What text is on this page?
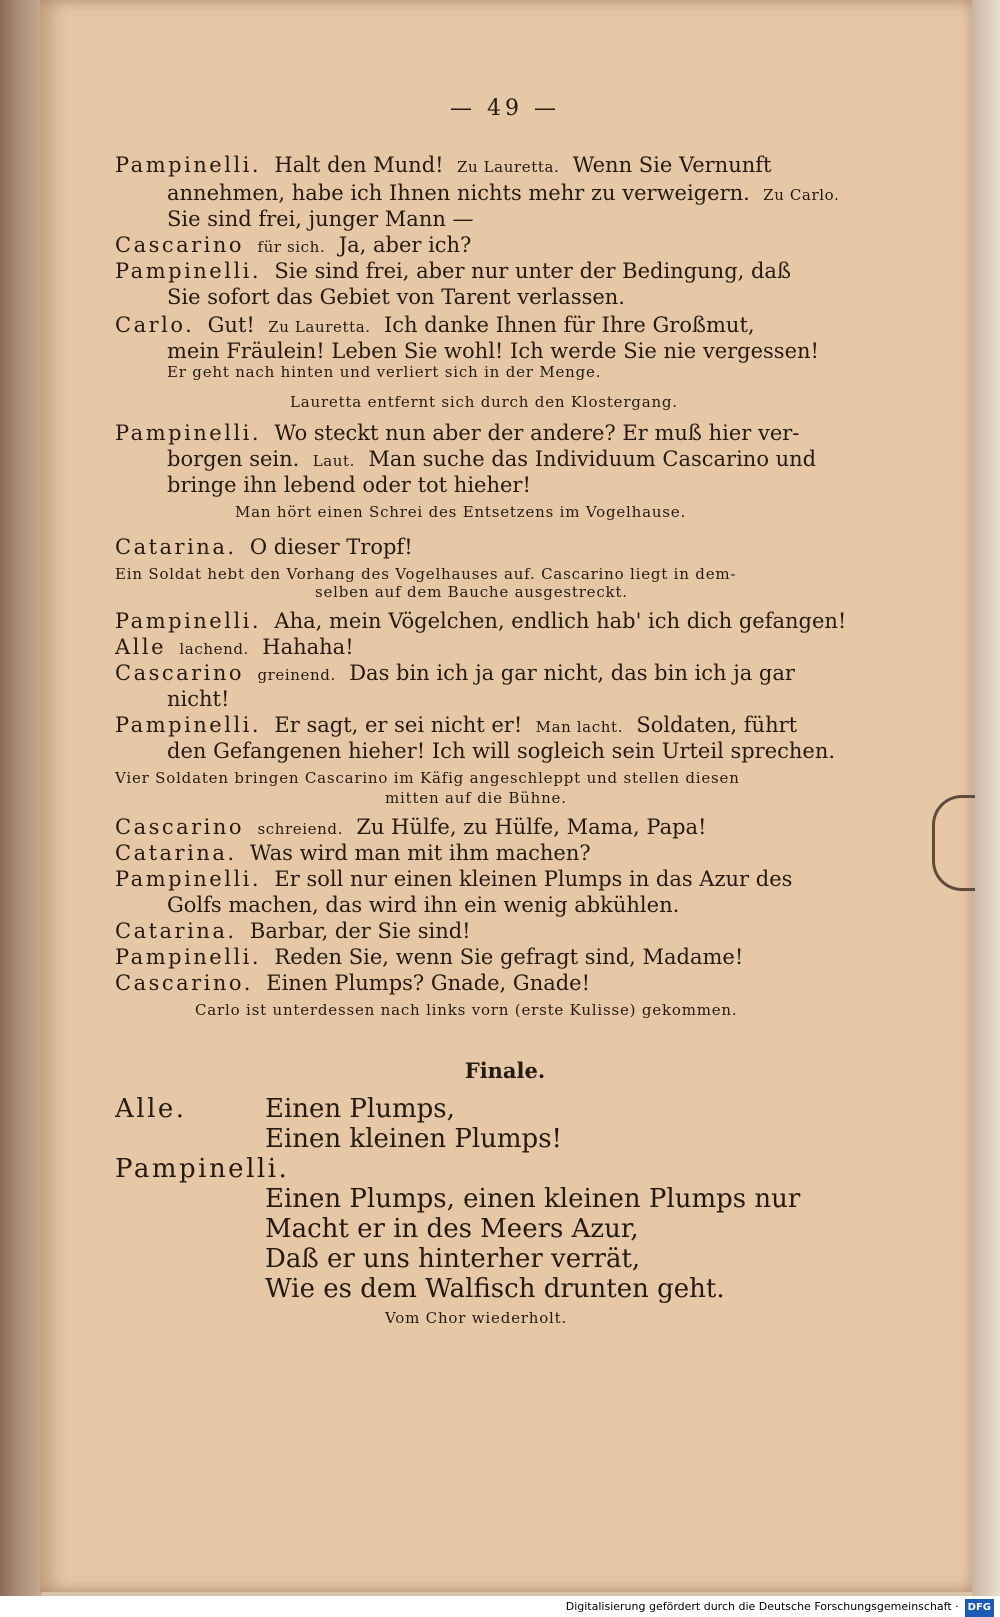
— 49 —
Pampinelli. Halt den Mund! Zu Lauretta. Wenn Sie Vernunft
annehmen, habe ich Ihnen nichts mehr zu verweigern. Zu Carlo.
Sie sind frei, junger Mann —
Cascarino für sich. Ja, aber ich?
Pampinelli. Sie sind frei, aber nur unter der Bedingung, daß
Sie sofort das Gebiet von Tarent verlassen.
Carlo. Gut! Zu Lauretta. Ich danke Ihnen für Ihre Großmut,
mein Fräulein! Leben Sie wohl! Ich werde Sie nie vergessen!
Er geht nach hinten und verliert sich in der Menge.
Lauretta entfernt sich durch den Klostergang.
Pampinelli. Wo steckt nun aber der andere? Er muß hier ver-
borgen sein. Laut. Man suche das Individuum Cascarino und
bringe ihn lebend oder tot hieher!
Man hört einen Schrei des Entsetzens im Vogelhause.
Catarina. O dieser Tropf!
Ein Soldat hebt den Vorhang des Vogelhauses auf. Cascarino liegt in dem-
selben auf dem Bauche ausgestreckt.
Pampinelli. Aha, mein Vögelchen, endlich hab' ich dich gefangen!
Alle lachend. Hahaha!
Cascarino greinend. Das bin ich ja gar nicht, das bin ich ja gar
nicht!
Pampinelli. Er sagt, er sei nicht er! Man lacht. Soldaten, führt
den Gefangenen hieher! Ich will sogleich sein Urteil sprechen.
Vier Soldaten bringen Cascarino im Käfig angeschleppt und stellen diesen
mitten auf die Bühne.
Cascarino schreiend. Zu Hülfe, zu Hülfe, Mama, Papa!
Catarina. Was wird man mit ihm machen?
Pampinelli. Er soll nur einen kleinen Plumps in das Azur des
Golfs machen, das wird ihn ein wenig abkühlen.
Catarina. Barbar, der Sie sind!
Pampinelli. Reden Sie, wenn Sie gefragt sind, Madame!
Cascarino. Einen Plumps? Gnade, Gnade!
Carlo ist unterdessen nach links vorn (erste Kulisse) gekommen.
Finale.
Alle.	Einen Plumps,
Einen kleinen Plumps!
Pampinelli.
Einen Plumps, einen kleinen Plumps nur
Macht er in des Meers Azur,
Daß er uns hinterher verrät,
Wie es dem Walfisch drunten geht.
Vom Chor wiederholt.
Digitalisierung gefördert durch die Deutsche Forschungsgemeinschaft · DFG
